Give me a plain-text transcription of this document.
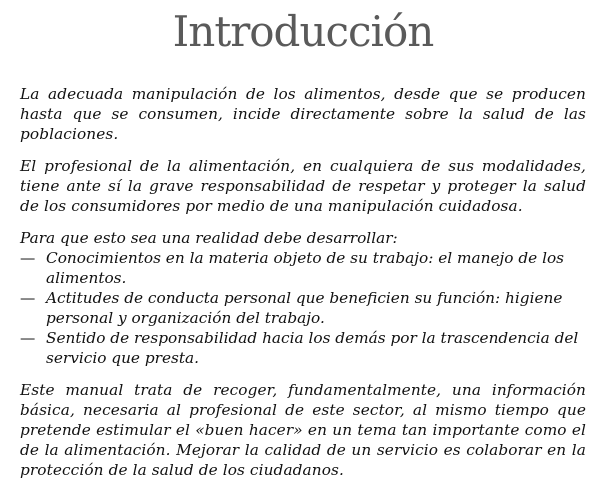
Introducción

La adecuada manipulación de los alimentos, desde que se producen hasta que se consumen, incide directamente sobre la salud de las poblaciones.

El profesional de la alimentación, en cualquiera de sus modalidades, tiene ante sí la grave responsabilidad de respetar y proteger la salud de los consumidores por medio de una manipulación cuidadosa.

Para que esto sea una realidad debe desarrollar:

— Conocimientos en la materia objeto de su trabajo: el manejo de los alimentos.
— Actitudes de conducta personal que beneficien su función: higiene personal y organización del trabajo.
— Sentido de responsabilidad hacia los demás por la trascendencia del servicio que presta.

Este manual trata de recoger, fundamentalmente, una información básica, necesaria al profesional de este sector, al mismo tiempo que pretende estimular el «buen hacer» en un tema tan importante como el de la alimentación. Mejorar la calidad de un servicio es colaborar en la protección de la salud de los ciudadanos.
